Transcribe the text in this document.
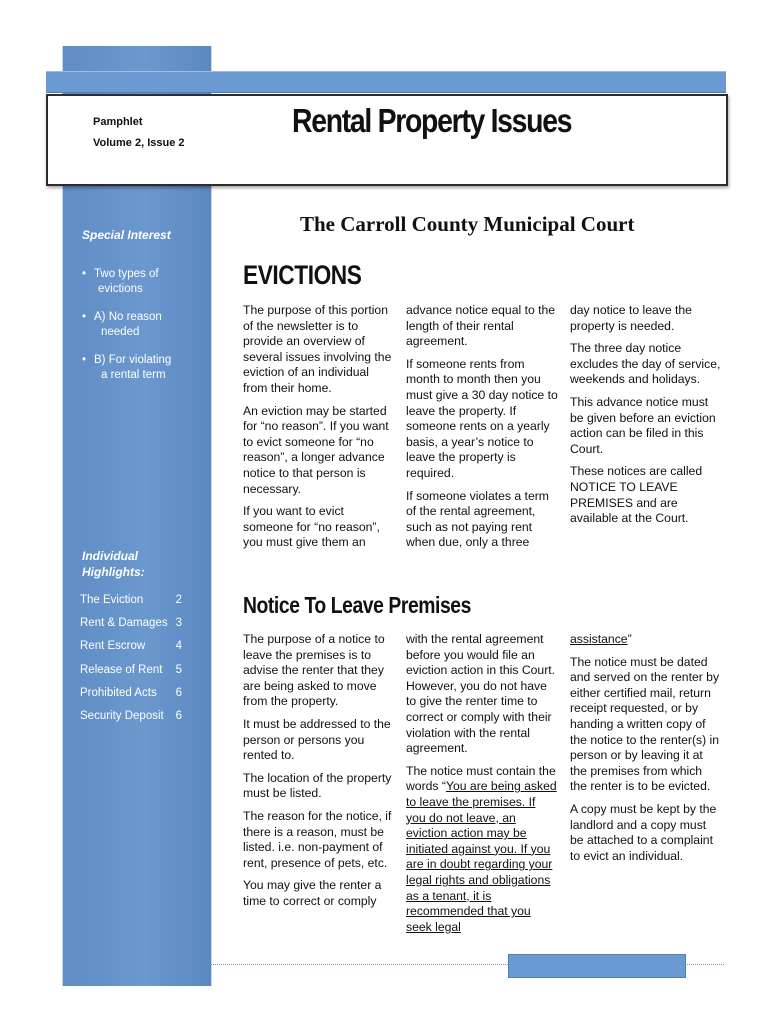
Pamphlet
Volume 2, Issue 2
Rental Property Issues
The Carroll County Municipal Court
Special Interest
• Two types of
evictions
• A) No reason
needed
• B) For violating
a rental term
Individual
Highlights:
The Eviction	2
Rent & Damages 3
Rent Escrow	4
Release of Rent 5
Prohibited Acts 6
Security Deposit 6
EVICTIONS

The purpose of this portion of the newsletter is to provide an overview of several issues involving the eviction of an individual from their home.

An eviction may be started for “no reason”. If you want to evict someone for “no reason”, a longer advance notice to that person is necessary.

If you want to evict someone for “no reason”, you must give them an

advance notice equal to the length of their rental agreement.

If someone rents from month to month then you must give a 30 day notice to leave the property. If someone rents on a yearly basis, a year’s notice to leave the property is required.

If someone violates a term of the rental agreement, such as not paying rent when due, only a three

day notice to leave the property is needed.

The three day notice excludes the day of service, weekends and holidays.

This advance notice must be given before an eviction action can be filed in this Court.

These notices are called NOTICE TO LEAVE PREMISES and are available at the Court.

Notice To Leave Premises

The purpose of a notice to leave the premises is to advise the renter that they are being asked to move from the property.

It must be addressed to the person or persons you rented to.

The location of the property must be listed.

The reason for the notice, if there is a reason, must be listed. i.e. non-payment of rent, presence of pets, etc.

You may give the renter a time to correct or comply

with the rental agreement before you would file an eviction action in this Court. However, you do not have to give the renter time to correct or comply with their violation with the rental agreement.

The notice must contain the words “You are being asked to leave the premises. If you do not leave, an eviction action may be initiated against you. If you are in doubt regarding your legal rights and obligations as a tenant, it is recommended that you seek legal

assistance”

The notice must be dated and served on the renter by either certified mail, return receipt requested, or by handing a written copy of the notice to the renter(s) in person or by leaving it at the premises from which the renter is to be evicted.

A copy must be kept by the landlord and a copy must be attached to a complaint to evict an individual.
